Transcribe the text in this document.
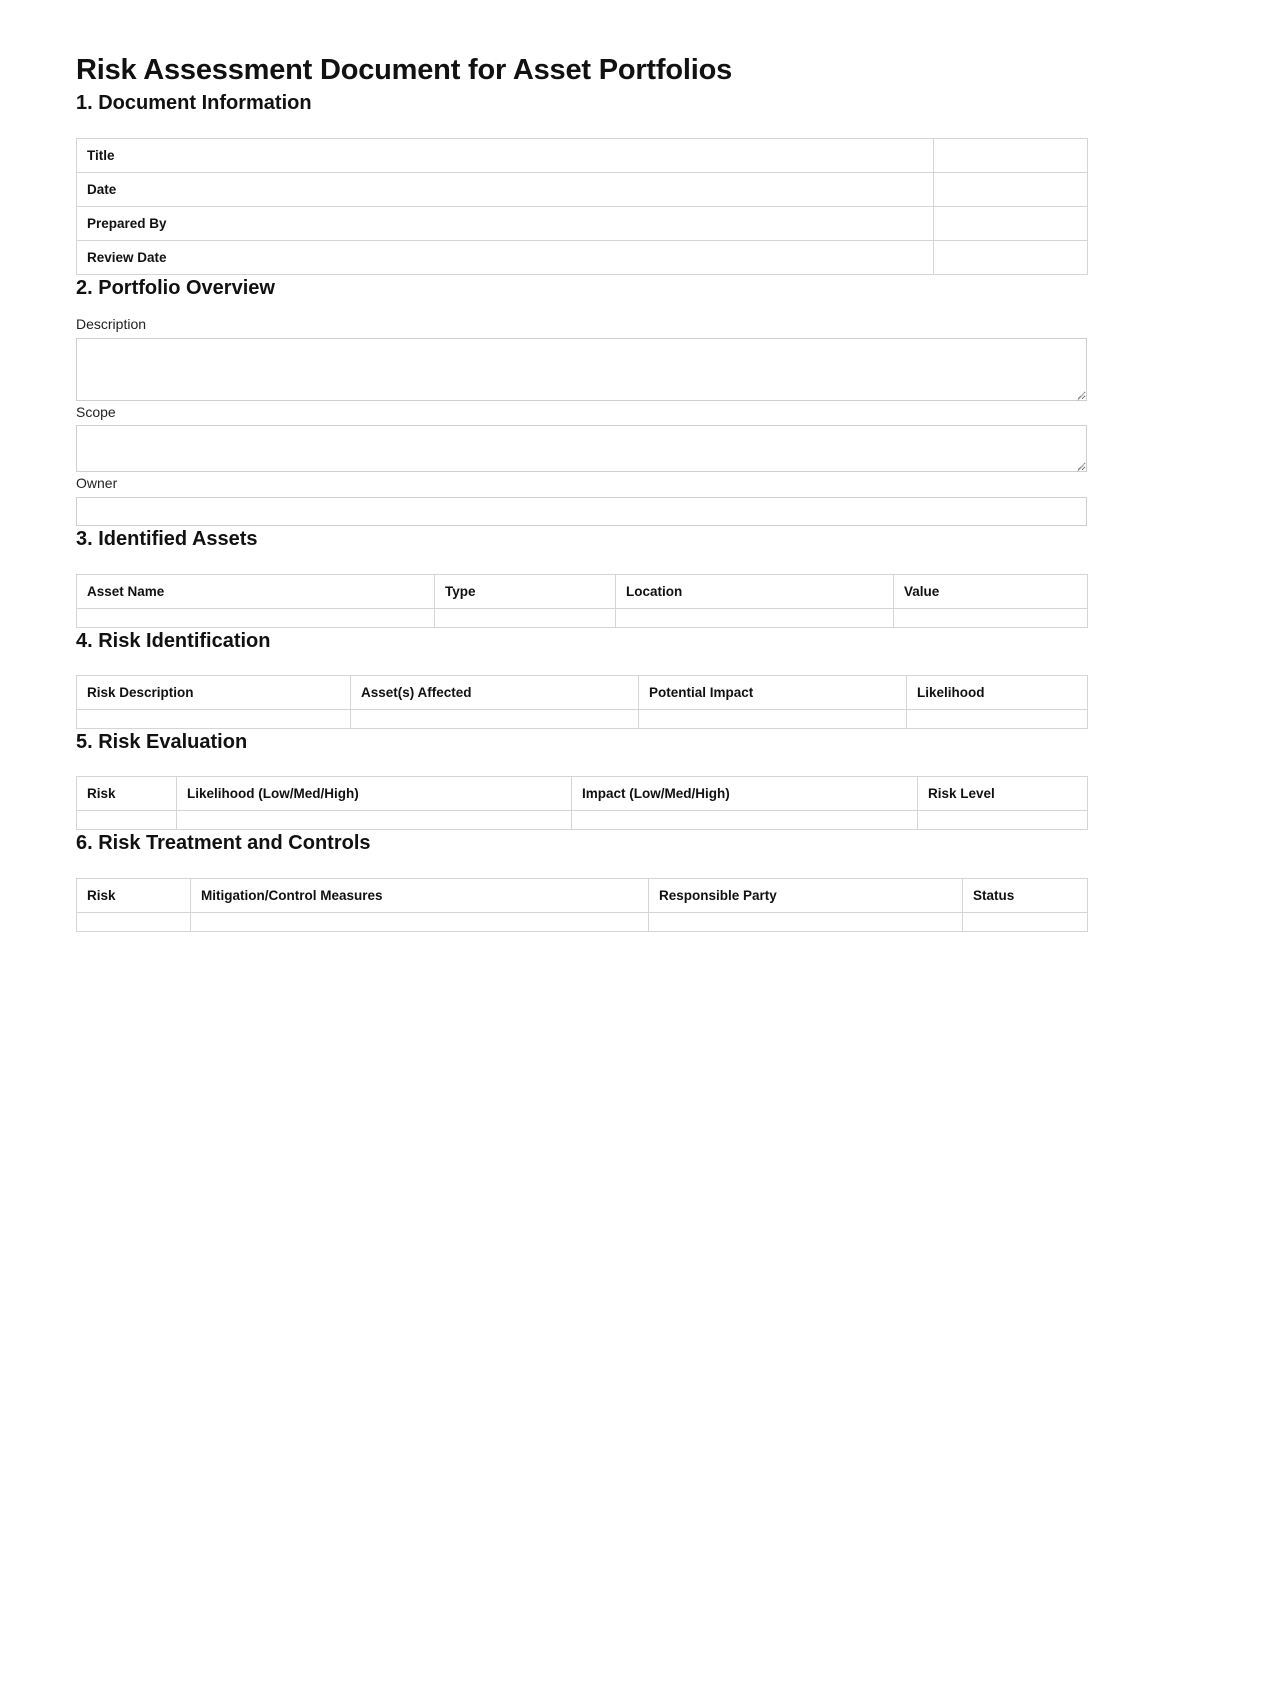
Risk Assessment Document for Asset Portfolios
1. Document Information
Title	
Date	
Prepared By	
Review Date	
2. Portfolio Overview
Description
Scope
Owner
3. Identified Assets
Asset Name	Type	Location	Value

4. Risk Identification
Risk Description	Asset(s) Affected	Potential Impact	Likelihood

5. Risk Evaluation
Risk	Likelihood (Low/Med/High)	Impact (Low/Med/High)	Risk Level

6. Risk Treatment and Controls
Risk	Mitigation/Control Measures	Responsible Party	Status
